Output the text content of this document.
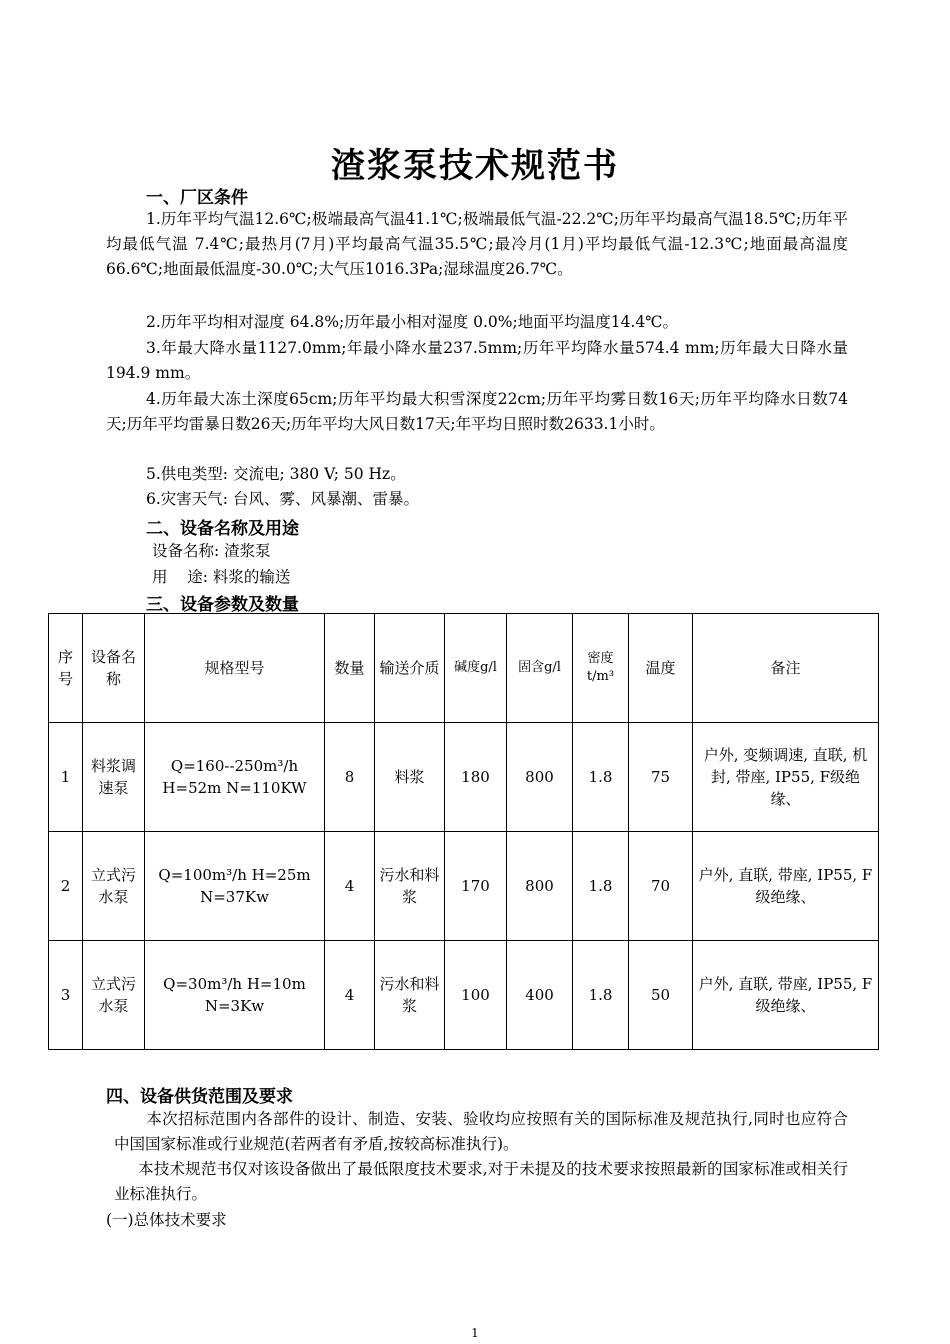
渣浆泵技术规范书
一、厂区条件
1.历年平均气温12.6℃;极端最高气温41.1℃;极端最低气温-22.2℃;历年平均最高气温18.5℃;历年平均最低气温 7.4℃;最热月(7月)平均最高气温35.5℃;最冷月(1月)平均最低气温-12.3℃;地面最高温度66.6℃;地面最低温度-30.0℃;大气压1016.3Pa;湿球温度26.7℃。
2.历年平均相对湿度 64.8%;历年最小相对湿度 0.0%;地面平均温度14.4℃。
3.年最大降水量1127.0mm;年最小降水量237.5mm;历年平均降水量574.4 mm;历年最大日降水量194.9 mm。
4.历年最大冻土深度65cm;历年平均最大积雪深度22cm;历年平均雾日数16天;历年平均降水日数74天;历年平均雷暴日数26天;历年平均大风日数17天;年平均日照时数2633.1小时。
5.供电类型: 交流电; 380 V; 50 Hz。
6.灾害天气: 台风、雾、风暴潮、雷暴。
二、设备名称及用途
设备名称: 渣浆泵
用    途: 料浆的输送
三、设备参数及数量
序号	设备名称	规格型号	数量	输送介质	碱度g/l	固含g/l	密度t/m³	温度	备注
1	料浆调速泵	Q=160--250m³/h H=52m N=110KW	8	料浆	180	800	1.8	75	户外, 变频调速, 直联, 机封, 带座, IP55, F级绝缘、
2	立式污水泵	Q=100m³/h H=25m N=37Kw	4	污水和料浆	170	800	1.8	70	户外, 直联, 带座, IP55, F级绝缘、
3	立式污水泵	Q=30m³/h H=10m N=3Kw	4	污水和料浆	100	400	1.8	50	户外, 直联, 带座, IP55, F级绝缘、
四、设备供货范围及要求
本次招标范围内各部件的设计、制造、安装、验收均应按照有关的国际标准及规范执行,同时也应符合中国国家标准或行业规范(若两者有矛盾,按较高标准执行)。
本技术规范书仅对该设备做出了最低限度技术要求,对于未提及的技术要求按照最新的国家标准或相关行业标准执行。
(一)总体技术要求
1
